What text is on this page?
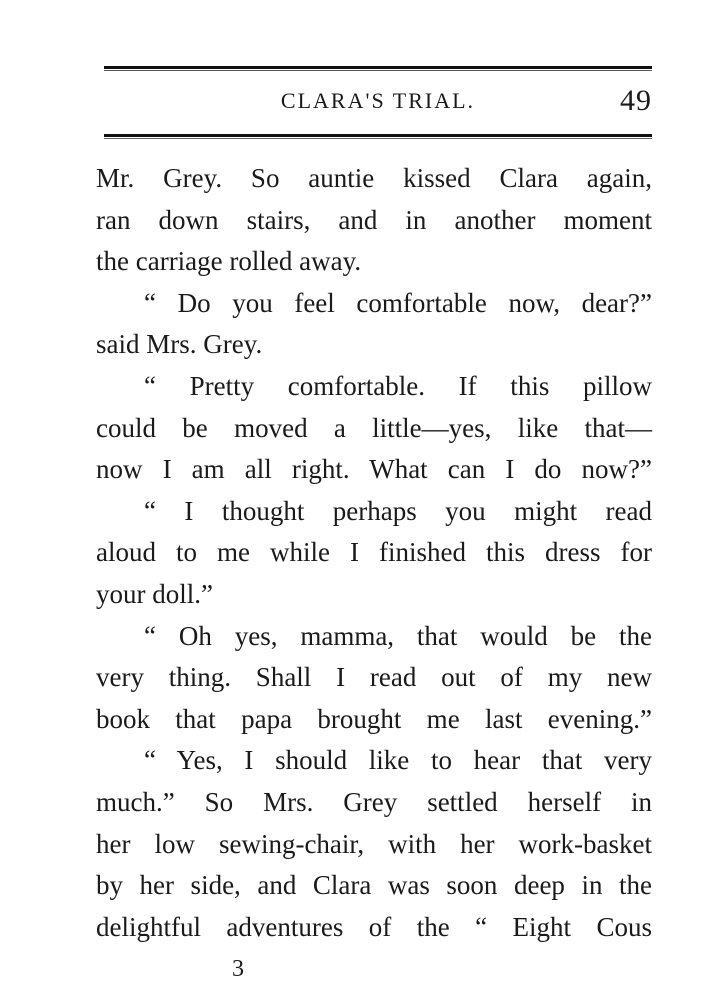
CLARA'S TRIAL.	49
Mr. Grey. So auntie kissed Clara again,
ran down stairs, and in another moment
the carriage rolled away.
“ Do you feel comfortable now, dear?”
said Mrs. Grey.
“ Pretty comfortable. If this pillow
could be moved a little—yes, like that—
now I am all right. What can I do now?”
“ I thought perhaps you might read
aloud to me while I finished this dress for
your doll.”
“ Oh yes, mamma, that would be the
very thing. Shall I read out of my new
book that papa brought me last evening.”
“ Yes, I should like to hear that very
much.” So Mrs. Grey settled herself in
her low sewing-chair, with her work-basket
by her side, and Clara was soon deep in the
delightful adventures of the “ Eight Cous
3
